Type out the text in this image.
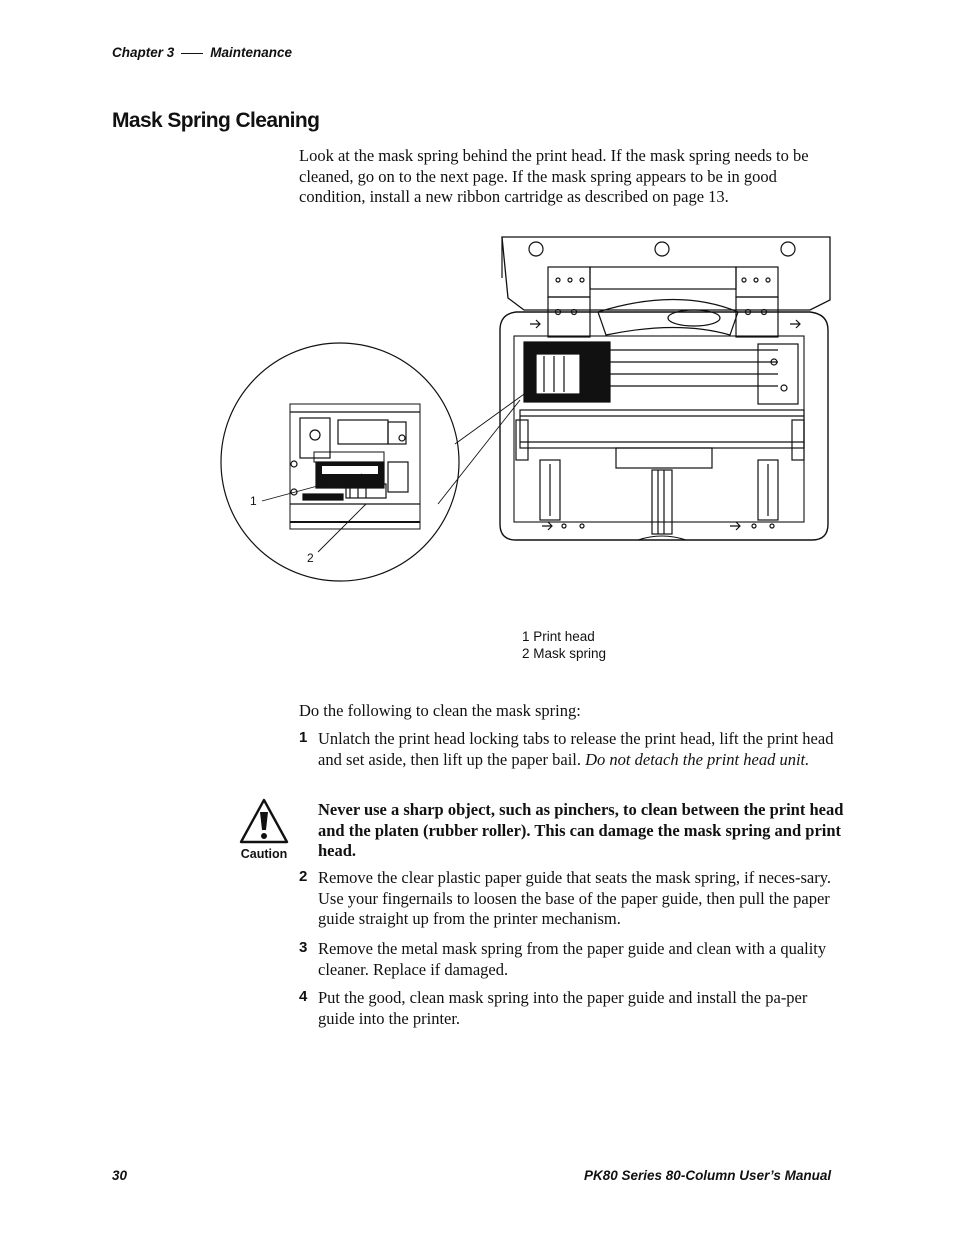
Chapter 3	Maintenance
Mask Spring Cleaning

Look at the mask spring behind the print head. If the mask spring needs to be cleaned, go on to the next page. If the mask spring appears to be in good condition, install a new ribbon cartridge as described on page 13.

1
2
1 Print head
2 Mask spring

Do the following to clean the mask spring:

1 Unlatch the print head locking tabs to release the print head, lift the print head and set aside, then lift up the paper bail. Do not detach the print head unit.

Caution

Never use a sharp object, such as pinchers, to clean between the print head and the platen (rubber roller). This can damage the mask spring and print head.

2 Remove the clear plastic paper guide that seats the mask spring, if neces-sary. Use your fingernails to loosen the base of the paper guide, then pull the paper guide straight up from the printer mechanism.

3 Remove the metal mask spring from the paper guide and clean with a quality cleaner. Replace if damaged.

4 Put the good, clean mask spring into the paper guide and install the pa-per guide into the printer.

30	PK80 Series 80-Column User’s Manual
